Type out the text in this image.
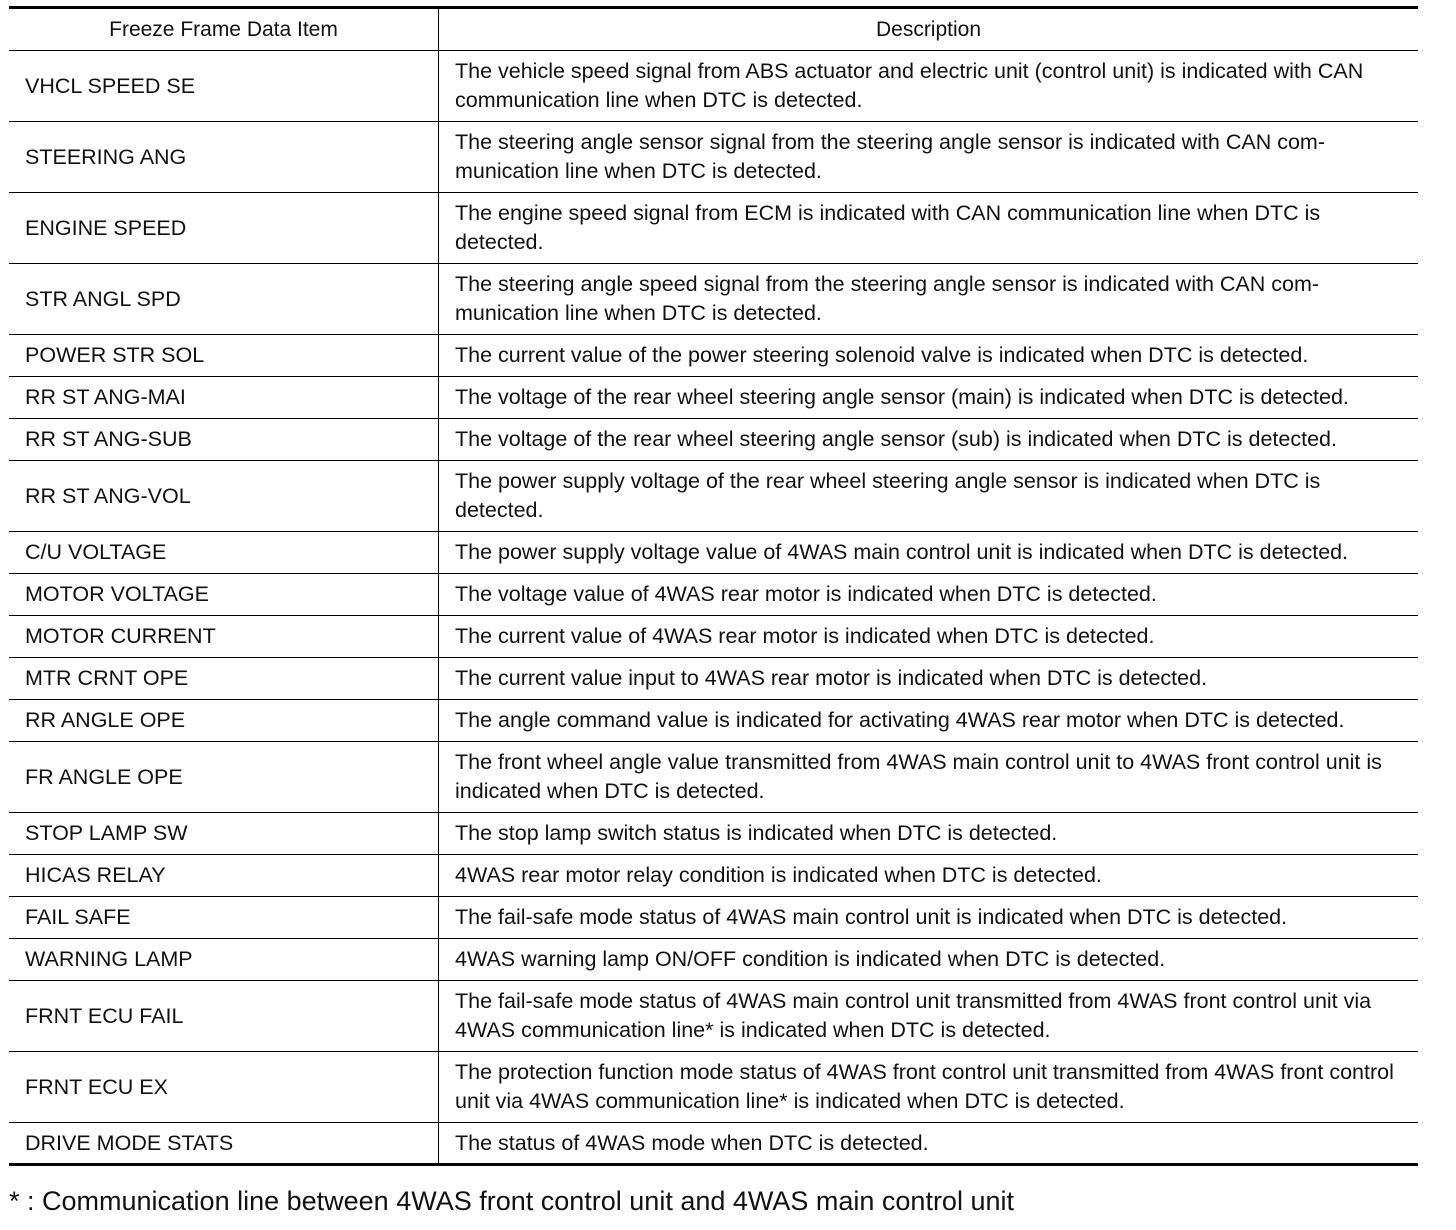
Freeze Frame Data Item	Description
VHCL SPEED SE	The vehicle speed signal from ABS actuator and electric unit (control unit) is indicated with CAN communication line when DTC is detected.
STEERING ANG	The steering angle sensor signal from the steering angle sensor is indicated with CAN com-munication line when DTC is detected.
ENGINE SPEED	The engine speed signal from ECM is indicated with CAN communication line when DTC is detected.
STR ANGL SPD	The steering angle speed signal from the steering angle sensor is indicated with CAN com-munication line when DTC is detected.
POWER STR SOL	The current value of the power steering solenoid valve is indicated when DTC is detected.
RR ST ANG-MAI	The voltage of the rear wheel steering angle sensor (main) is indicated when DTC is detected.
RR ST ANG-SUB	The voltage of the rear wheel steering angle sensor (sub) is indicated when DTC is detected.
RR ST ANG-VOL	The power supply voltage of the rear wheel steering angle sensor is indicated when DTC is detected.
C/U VOLTAGE	The power supply voltage value of 4WAS main control unit is indicated when DTC is detected.
MOTOR VOLTAGE	The voltage value of 4WAS rear motor is indicated when DTC is detected.
MOTOR CURRENT	The current value of 4WAS rear motor is indicated when DTC is detected.
MTR CRNT OPE	The current value input to 4WAS rear motor is indicated when DTC is detected.
RR ANGLE OPE	The angle command value is indicated for activating 4WAS rear motor when DTC is detected.
FR ANGLE OPE	The front wheel angle value transmitted from 4WAS main control unit to 4WAS front control unit is indicated when DTC is detected.
STOP LAMP SW	The stop lamp switch status is indicated when DTC is detected.
HICAS RELAY	4WAS rear motor relay condition is indicated when DTC is detected.
FAIL SAFE	The fail-safe mode status of 4WAS main control unit is indicated when DTC is detected.
WARNING LAMP	4WAS warning lamp ON/OFF condition is indicated when DTC is detected.
FRNT ECU FAIL	The fail-safe mode status of 4WAS main control unit transmitted from 4WAS front control unit via 4WAS communication line* is indicated when DTC is detected.
FRNT ECU EX	The protection function mode status of 4WAS front control unit transmitted from 4WAS front control unit via 4WAS communication line* is indicated when DTC is detected.
DRIVE MODE STATS	The status of 4WAS mode when DTC is detected.
* : Communication line between 4WAS front control unit and 4WAS main control unit
